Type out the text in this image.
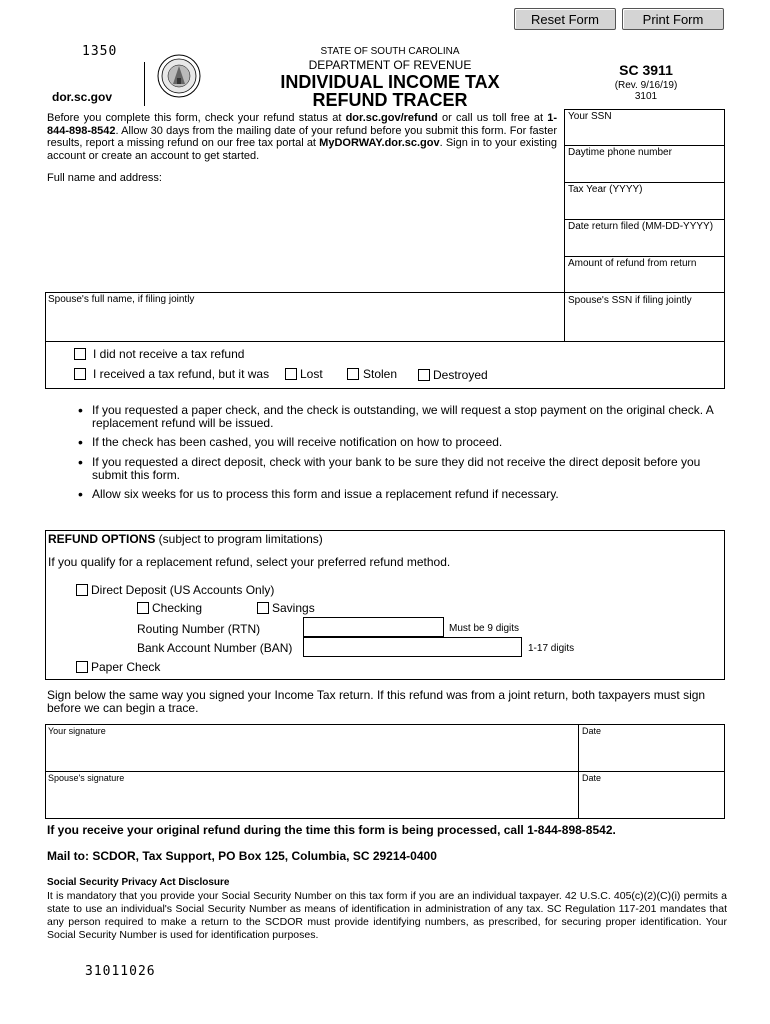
Reset Form	Print Form
1350
dor.sc.gov
STATE OF SOUTH CAROLINA
DEPARTMENT OF REVENUE
INDIVIDUAL INCOME TAX
REFUND TRACER
SC 3911
(Rev. 9/16/19)
3101
Before you complete this form, check your refund status at dor.sc.gov/refund or call us toll free at 1-844-898-8542. Allow 30 days from the mailing date of your refund before you submit this form. For faster results, report a missing refund on our free tax portal at MyDORWAY.dor.sc.gov. Sign in to your existing account or create an account to get started.
Full name and address:
Your SSN
Daytime phone number
Tax Year (YYYY)
Date return filed (MM-DD-YYYY)
Amount of refund from return
Spouse's full name, if filing jointly	Spouse's SSN if filing jointly
I did not receive a tax refund
I received a tax refund, but it was	Lost	Stolen	Destroyed
• If you requested a paper check, and the check is outstanding, we will request a stop payment on the original check. A replacement refund will be issued.
• If the check has been cashed, you will receive notification on how to proceed.
• If you requested a direct deposit, check with your bank to be sure they did not receive the direct deposit before you submit this form.
• Allow six weeks for us to process this form and issue a replacement refund if necessary.
REFUND OPTIONS (subject to program limitations)
If you qualify for a replacement refund, select your preferred refund method.
Direct Deposit (US Accounts Only)
Checking	Savings
Routing Number (RTN)	Must be 9 digits
Bank Account Number (BAN)	1-17 digits
Paper Check
Sign below the same way you signed your Income Tax return. If this refund was from a joint return, both taxpayers must sign before we can begin a trace.
Your signature	Date
Spouse's signature	Date
If you receive your original refund during the time this form is being processed, call 1-844-898-8542.
Mail to: SCDOR, Tax Support, PO Box 125, Columbia, SC 29214-0400
Social Security Privacy Act Disclosure
It is mandatory that you provide your Social Security Number on this tax form if you are an individual taxpayer. 42 U.S.C. 405(c)(2)(C)(i) permits a state to use an individual's Social Security Number as means of identification in administration of any tax. SC Regulation 117-201 mandates that any person required to make a return to the SCDOR must provide identifying numbers, as prescribed, for securing proper identification. Your Social Security Number is used for identification purposes.
31011026
